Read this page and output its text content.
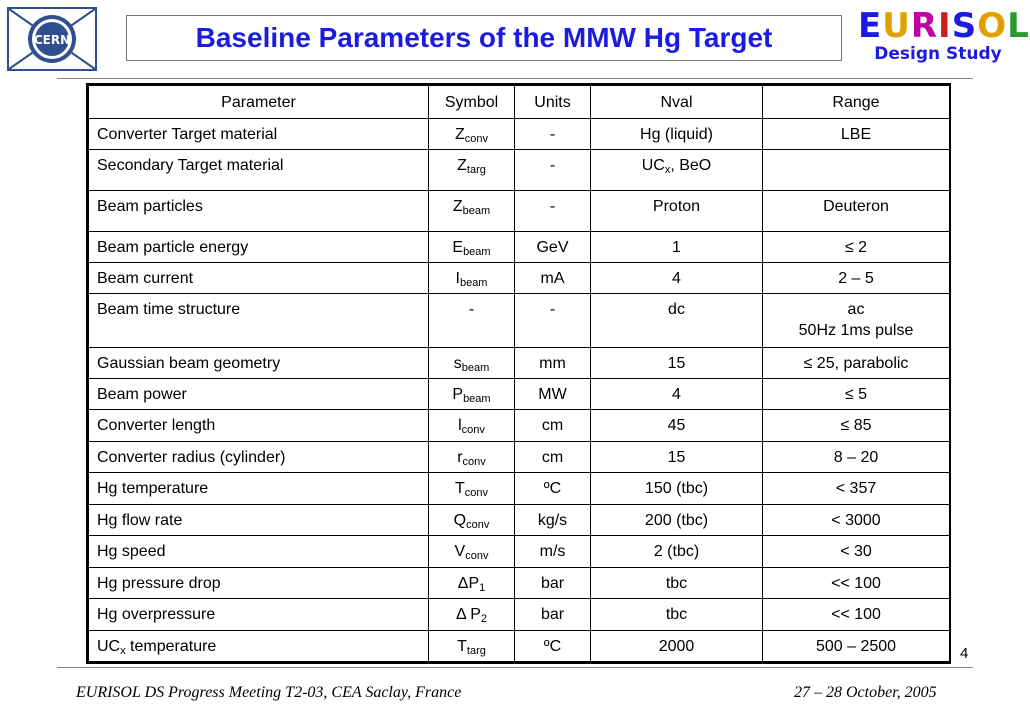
CERN	Baseline Parameters of the MMW Hg Target	EURISOL
Design Study
Parameter	Symbol	Units	Nval	Range
Converter Target material	$Z_{conv}$	-	Hg (liquid)	LBE
Secondary Target material	$Z_{targ}$	-	$UC_x$, BeO	
Beam particles	$Z_{beam}$	-	Proton	Deuteron
Beam particle energy	$E_{beam}$	GeV	1	≤ 2
Beam current	$I_{beam}$	mA	4	2 – 5
Beam time structure	-	-	dc	ac
50Hz 1ms pulse
Gaussian beam geometry	$s_{beam}$	mm	15	≤ 25, parabolic
Beam power	$P_{beam}$	MW	4	≤ 5
Converter length	$l_{conv}$	cm	45	≤ 85
Converter radius (cylinder)	$r_{conv}$	cm	15	8 – 20
Hg temperature	$T_{conv}$	ºC	150 (tbc)	< 357
Hg flow rate	$Q_{conv}$	kg/s	200 (tbc)	< 3000
Hg speed	$V_{conv}$	m/s	2 (tbc)	< 30
Hg pressure drop	$\Delta P_1$	bar	tbc	<< 100
Hg overpressure	Δ $P_2$	bar	tbc	<< 100
$UC_x$ temperature	$T_{targ}$	ºC	2000	500 – 2500	4
EURISOL DS Progress Meeting T2-03, CEA Saclay, France	27 – 28 October, 2005
